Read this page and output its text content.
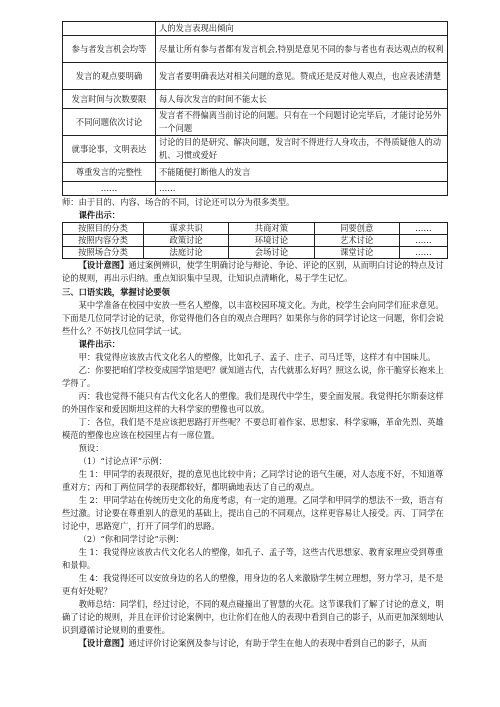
	人的发言表现出倾向
参与者发言机会均等	尽量让所有参与者都有发言机会,特别是意见不同的参与者也有表达观点的权利
发言的观点要明确	发言者要明确表达对相关问题的意见。赞成还是反对他人观点，也应表述清楚
发言时间与次数要限	每人每次发言的时间不能太长
不同问题依次讨论	发言者不得偏离当前讨论的问题。只有在一个问题讨论完毕后，才能讨论另外一个问题
就事论事，文明表达	讨论的目的是研究、解决问题，发言时不得进行人身攻击，不得质疑他人的动机、习惯或爱好
尊重发言的完整性	不能随便打断他人的发言
……	……

师：由于目的、内容、场合的不同，讨论还可以分为很多类型。

课件出示：

按照目的分类	谋求共识	共商对策	同要创意	……
按照内容分类	政策讨论	环境讨论	艺术讨论	……
按照场合分类	法庭讨论	会场讨论	课堂讨论	……

【设计意图】通过案例辨识，使学生明确讨论与辩论、争论、评论的区别，从而明白讨论的特点及讨论的规则，再出示归纳。重点知识集中呈现，让知识点清晰化，易于学生记忆。

三、口语实践，掌握讨论要领

某中学准备在校园中安放一些名人塑像，以丰富校园环境文化。为此，校学生会向同学们征求意见。下面是几位同学讨论的记录，你觉得他们各自的观点合理吗？如果你与你的同学讨论这一问题，你们会说些什么？不妨找几位同学试一试。

课件出示：

甲：我觉得应该放古代文化名人的塑像，比如孔子、孟子、庄子、司马迁等，这样才有中国味儿。

乙：你要把咱们学校变成国学馆是吧？就知道古代，古代就那么好吗？照这么说，你干脆穿长袍来上学得了。

丙：我也觉得不能只有古代文化名人的塑像。我们是现代中学生，要全面发展。我觉得托尔斯泰这样的外国作家和爱因斯坦这样的大科学家的塑像也可以放。

丁：各位，我们是不是应该把思路打开些呢？不要总盯着作家、思想家、科学家嘛，革命先烈、英雄模范的塑像也应该在校园里占有一席位置。

预设：

（1）“讨论点评”示例：

生 1：甲同学的表现很好，提的意见也比较中肯；乙同学讨论的语气生硬，对人态度不好，不知道尊重对方；丙和丁两位同学的表现都较好，都明确地表达了自己的观点。

生 2：甲同学站在传统历史文化的角度考虑，有一定的道理。乙同学和甲同学的想法不一致，语言有些过激。讨论要在尊重别人的意见的基础上，提出自己的不同观点，这样更容易让人接受。丙、丁同学在讨论中，思路宽广，打开了同学们的思路。

（2）“你和同学讨论”示例：

生 1：我觉得应该放古代文化名人的塑像，如孔子、孟子等，这些古代思想家、教育家理应受到尊重和景仰。

生 4：我觉得还可以安放身边的名人的塑像，用身边的名人来激励学生树立理想，努力学习，是不是更有好处呢？

教师总结：同学们，经过讨论，不同的观点碰撞出了智慧的火花。这节课我们了解了讨论的意义，明确了讨论的规则，并且在评价讨论案例中，也让你们在他人的表现中看到自己的影子，从而更加深刻地认识到遵循讨论规则的重要性。

【设计意图】通过评价讨论案例及参与讨论，有助于学生在他人的表现中看到自己的影子，从而
